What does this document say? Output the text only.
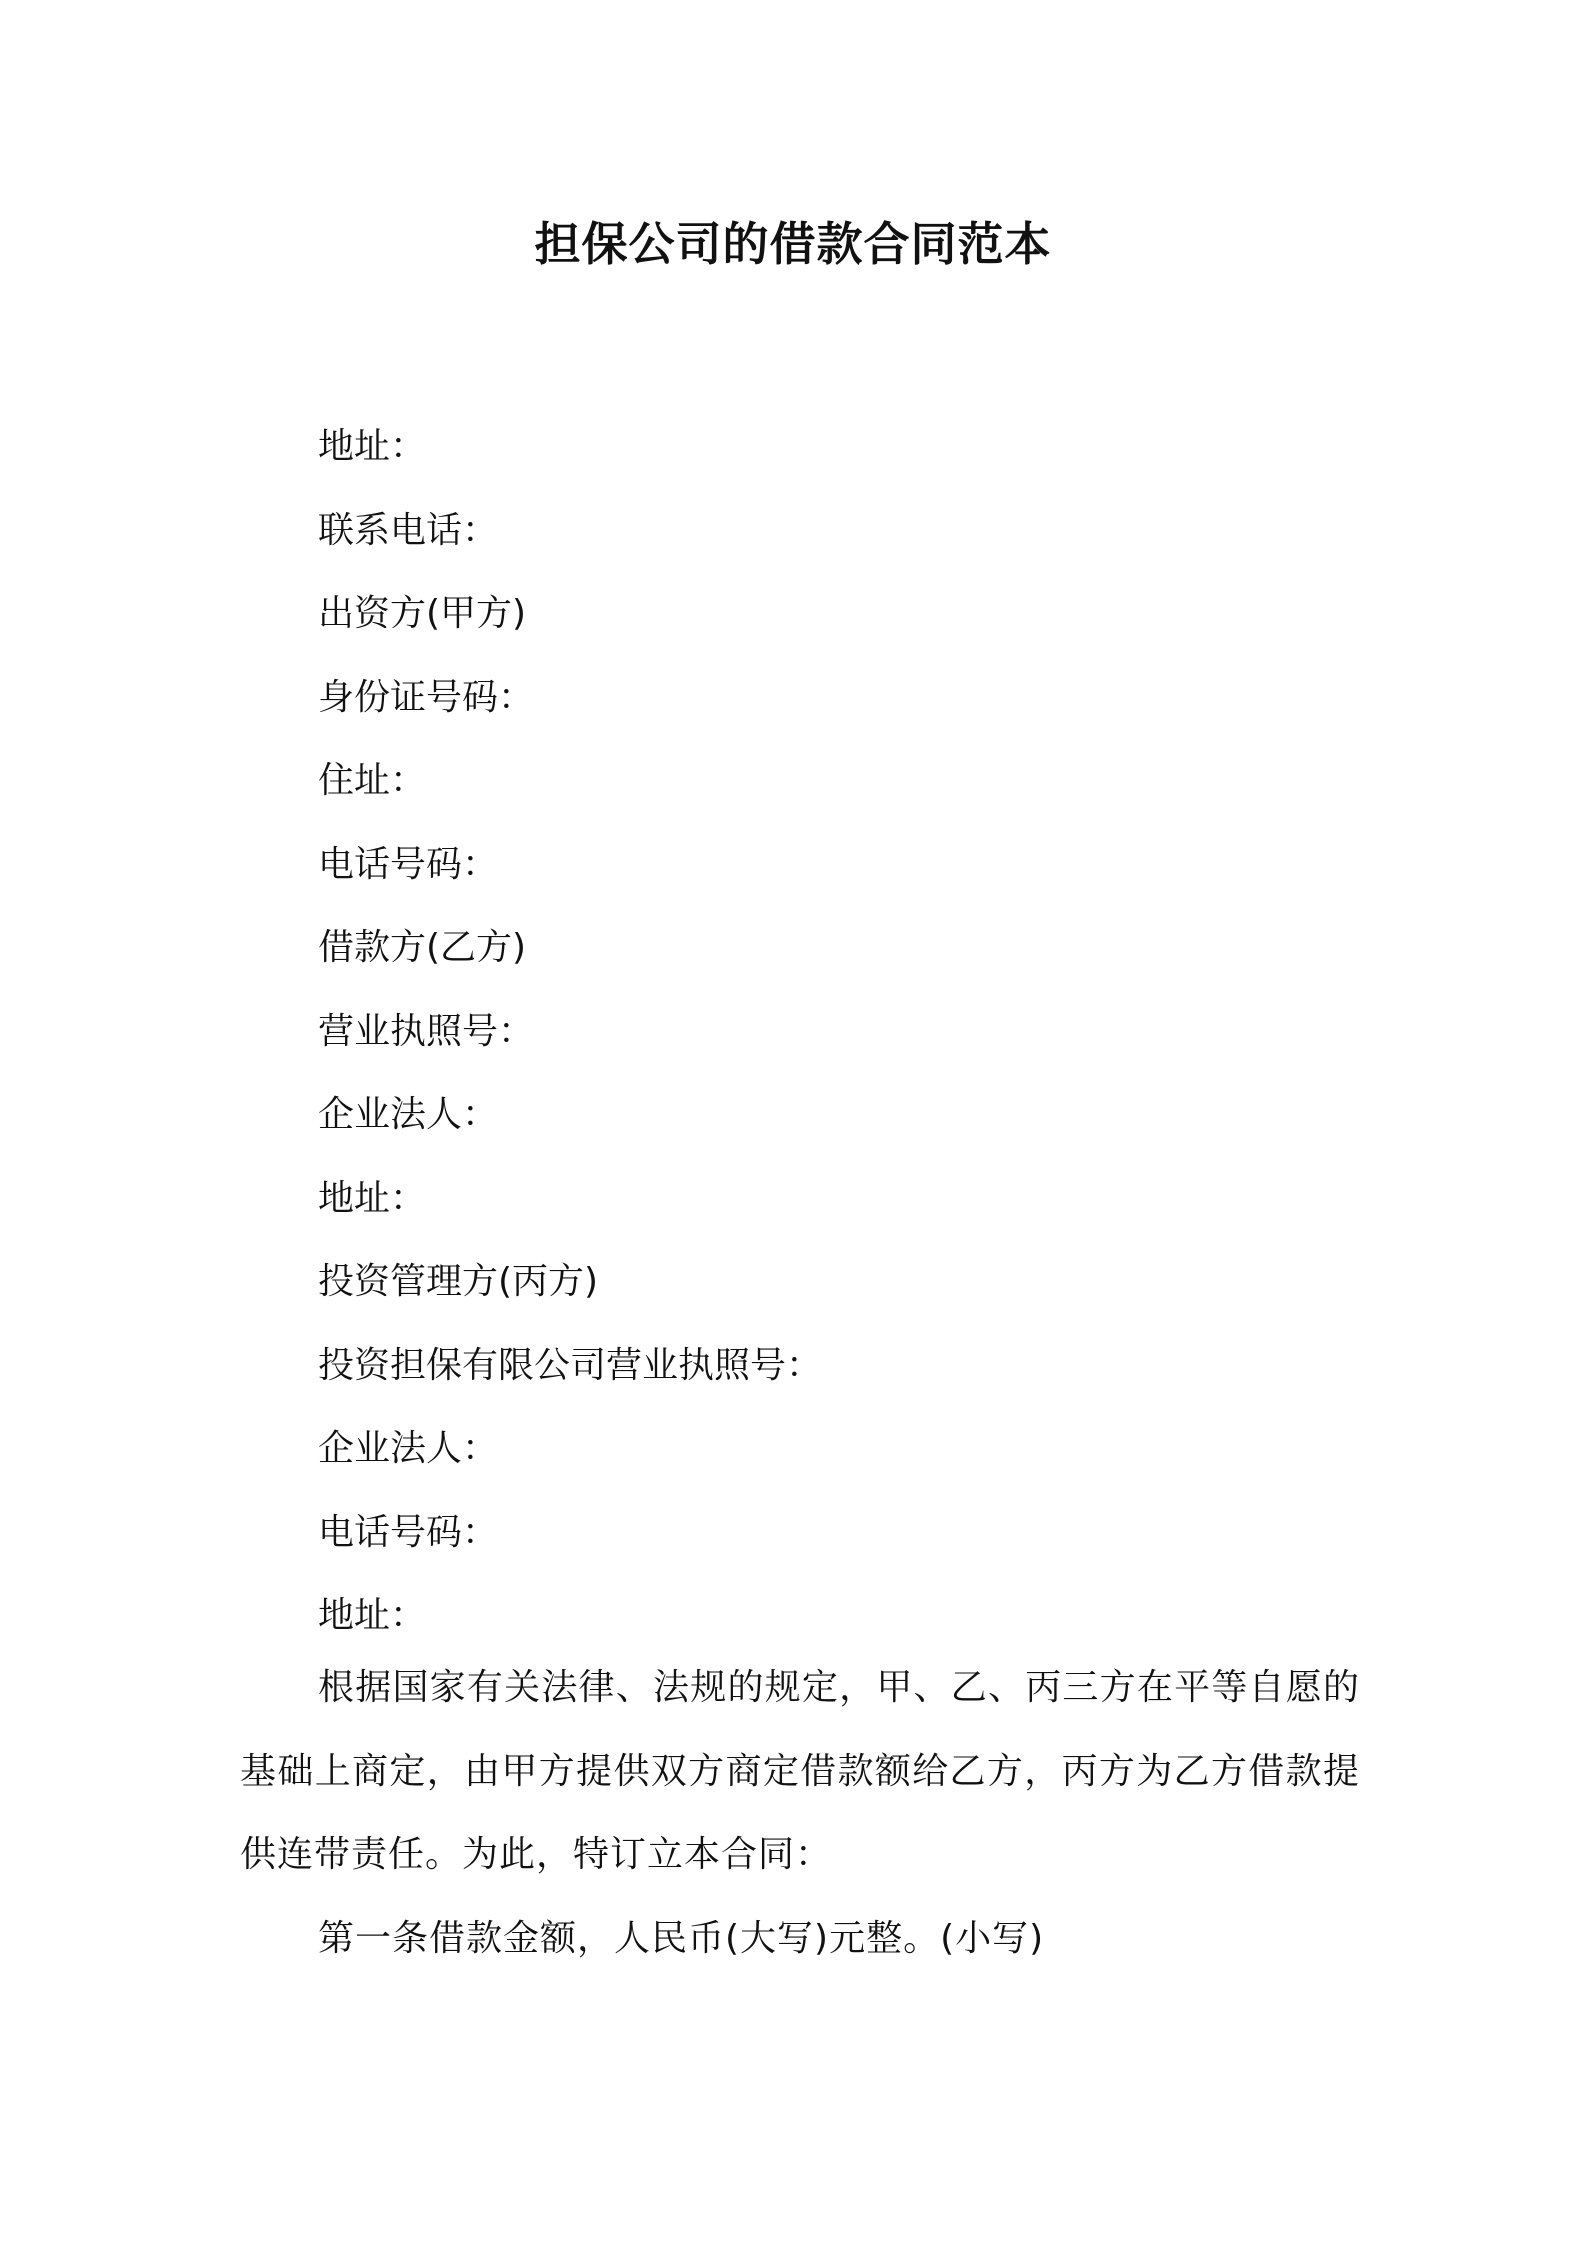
担保公司的借款合同范本
地址：
联系电话：
出资方(甲方)
身份证号码：
住址：
电话号码：
借款方(乙方)
营业执照号：
企业法人：
地址：
投资管理方(丙方)
投资担保有限公司营业执照号：
企业法人：
电话号码：
地址：
根据国家有关法律、法规的规定，甲、乙、丙三方在平等自愿的基础上商定，由甲方提供双方商定借款额给乙方，丙方为乙方借款提供连带责任。为此，特订立本合同：
第一条借款金额，人民币(大写)元整。(小写)
